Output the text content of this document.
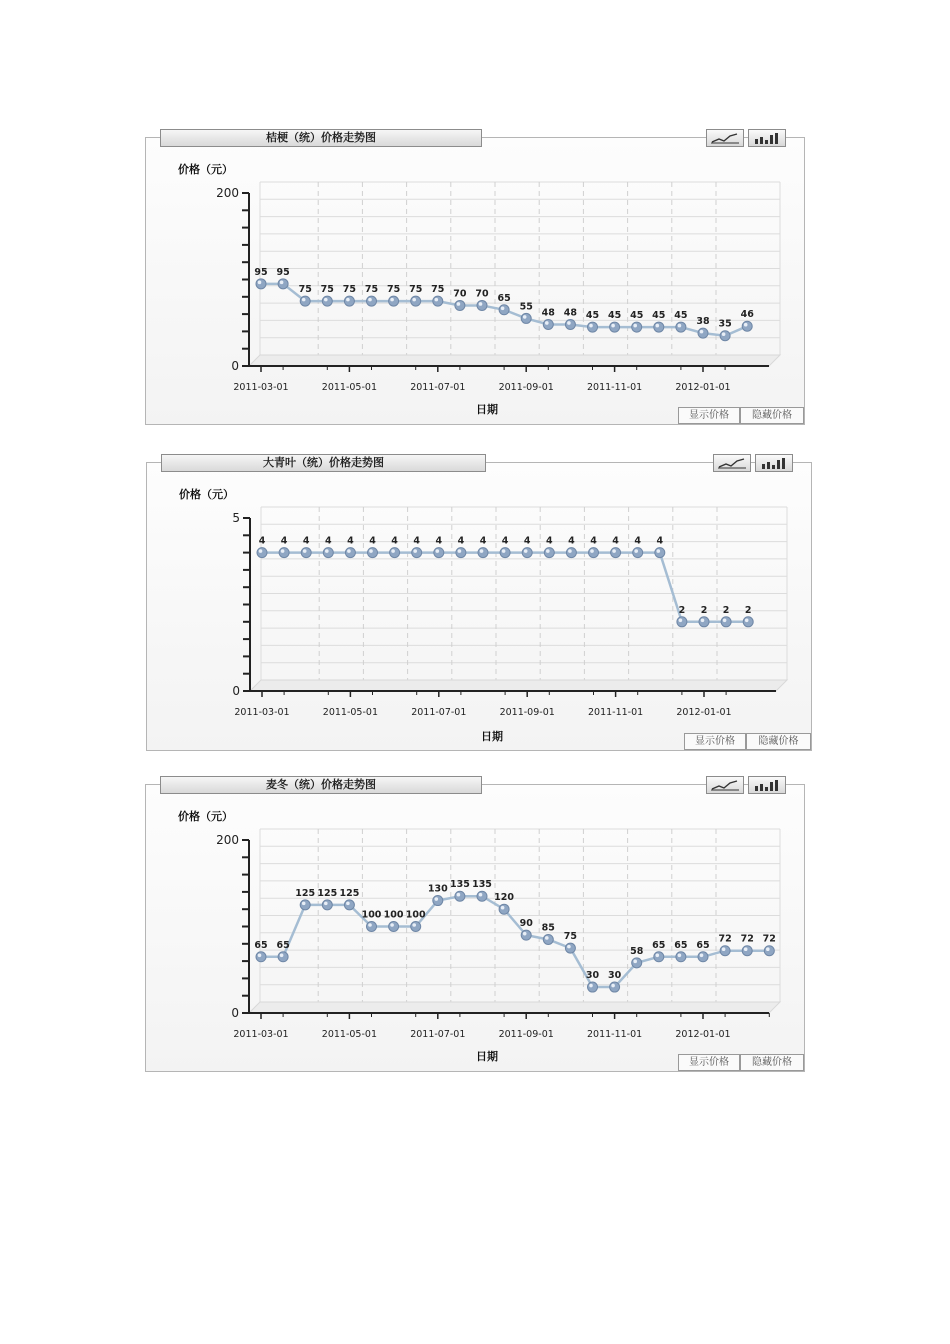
桔梗（统）价格走势图
价格（元）
0
200
2011-03-01	2011-05-01	2011-07-01	2011-09-01	2011-11-01	2012-01-01
95 95
75 75 75 75 75 75 75 70 70 65
55
48 48 45 45 45 45 45
38 35
46
日期	显示价格	隐藏价格
大青叶（统）价格走势图
价格（元）
0
5
2011-03-01	2011-05-01	2011-07-01	2011-09-01	2011-11-01	2012-01-01
4 4 4 4 4 4 4 4 4 4 4 4 4 4 4 4 4 4 4
2 2 2 2
日期	显示价格	隐藏价格
麦冬（统）价格走势图
价格（元）
0
200
2011-03-01	2011-05-01	2011-07-01	2011-09-01	2011-11-01	2012-01-01
65 65
125 125 125
100 100 100
130 135 135
120
90 85
75
30 30
58
65 65 65
72 72 72
日期	显示价格	隐藏价格
